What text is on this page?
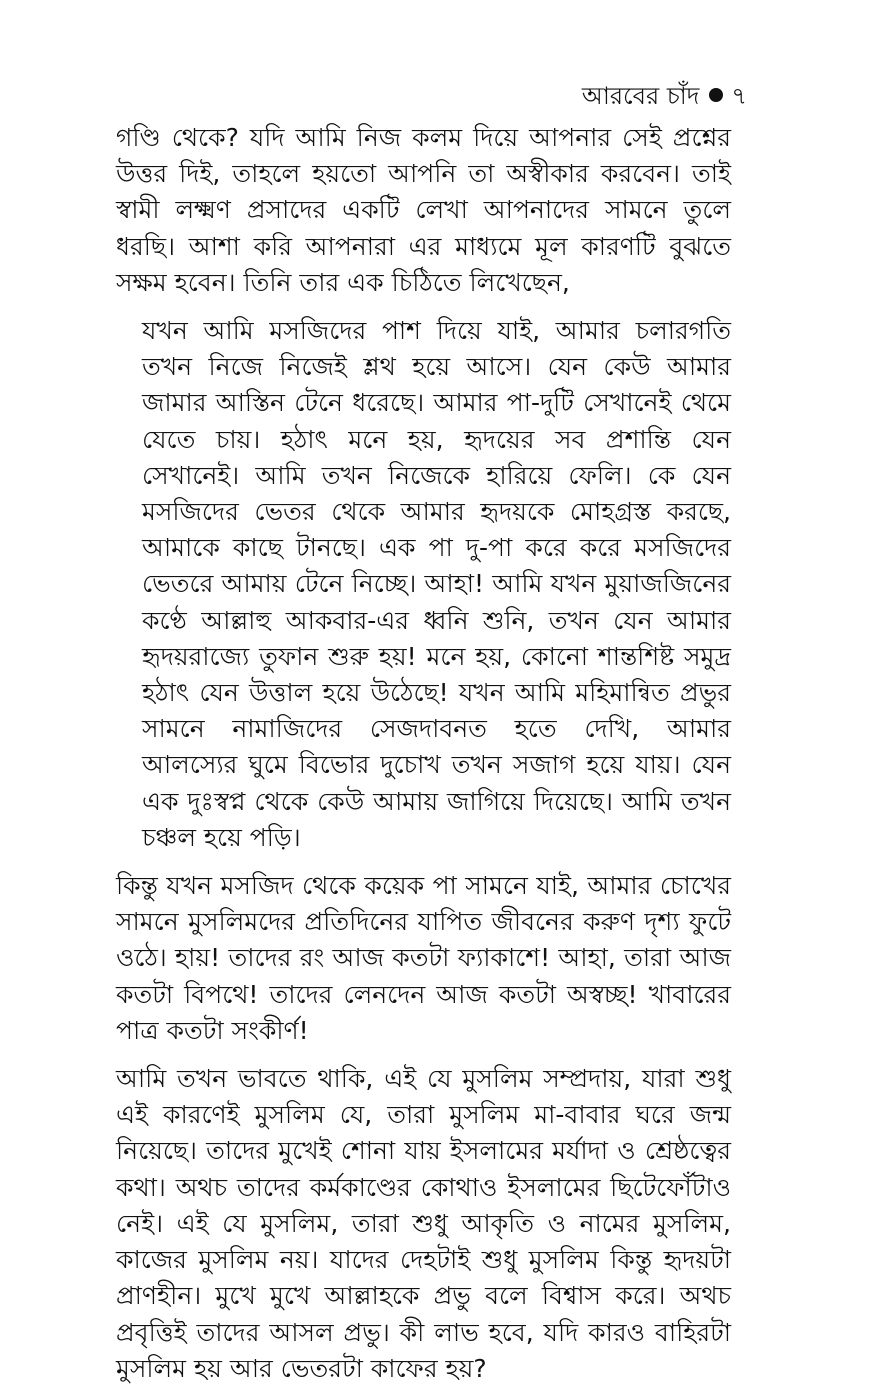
আরবের চাঁদ ৭

গণ্ডি থেকে? যদি আমি নিজ কলম দিয়ে আপনার সেই প্রশ্নের উত্তর দিই, তাহলে হয়তো আপনি তা অস্বীকার করবেন। তাই স্বামী লক্ষ্মণ প্রসাদের একটি লেখা আপনাদের সামনে তুলে ধরছি। আশা করি আপনারা এর মাধ্যমে মূল কারণটি বুঝতে সক্ষম হবেন। তিনি তার এক চিঠিতে লিখেছেন,

যখন আমি মসজিদের পাশ দিয়ে যাই, আমার চলারগতি তখন নিজে নিজেই শ্লথ হয়ে আসে। যেন কেউ আমার জামার আস্তিন টেনে ধরেছে। আমার পা-দুটি সেখানেই থেমে যেতে চায়। হঠাৎ মনে হয়, হৃদয়ের সব প্রশান্তি যেন সেখানেই। আমি তখন নিজেকে হারিয়ে ফেলি। কে যেন মসজিদের ভেতর থেকে আমার হৃদয়কে মোহগ্রস্ত করছে, আমাকে কাছে টানছে। এক পা দু-পা করে করে মসজিদের ভেতরে আমায় টেনে নিচ্ছে। আহা! আমি যখন মুয়াজজিনের কণ্ঠে আল্লাহু আকবার-এর ধ্বনি শুনি, তখন যেন আমার হৃদয়রাজ্যে তুফান শুরু হয়! মনে হয়, কোনো শান্তশিষ্ট সমুদ্র হঠাৎ যেন উত্তাল হয়ে উঠেছে! যখন আমি মহিমান্বিত প্রভুর সামনে নামাজিদের সেজদাবনত হতে দেখি, আমার আলস্যের ঘুমে বিভোর দুচোখ তখন সজাগ হয়ে যায়। যেন এক দুঃস্বপ্ন থেকে কেউ আমায় জাগিয়ে দিয়েছে। আমি তখন চঞ্চল হয়ে পড়ি।

কিন্তু যখন মসজিদ থেকে কয়েক পা সামনে যাই, আমার চোখের সামনে মুসলিমদের প্রতিদিনের যাপিত জীবনের করুণ দৃশ্য ফুটে ওঠে। হায়! তাদের রং আজ কতটা ফ্যাকাশে! আহা, তারা আজ কতটা বিপথে! তাদের লেনদেন আজ কতটা অস্বচ্ছ! খাবারের পাত্র কতটা সংকীর্ণ!

আমি তখন ভাবতে থাকি, এই যে মুসলিম সম্প্রদায়, যারা শুধু এই কারণেই মুসলিম যে, তারা মুসলিম মা-বাবার ঘরে জন্ম নিয়েছে। তাদের মুখেই শোনা যায় ইসলামের মর্যাদা ও শ্রেষ্ঠত্বের কথা। অথচ তাদের কর্মকাণ্ডের কোথাও ইসলামের ছিটেফোঁটাও নেই। এই যে মুসলিম, তারা শুধু আকৃতি ও নামের মুসলিম, কাজের মুসলিম নয়। যাদের দেহটাই শুধু মুসলিম কিন্তু হৃদয়টা প্রাণহীন। মুখে মুখে আল্লাহকে প্রভু বলে বিশ্বাস করে। অথচ প্রবৃত্তিই তাদের আসল প্রভু। কী লাভ হবে, যদি কারও বাহিরটা মুসলিম হয় আর ভেতরটা কাফের হয়?
